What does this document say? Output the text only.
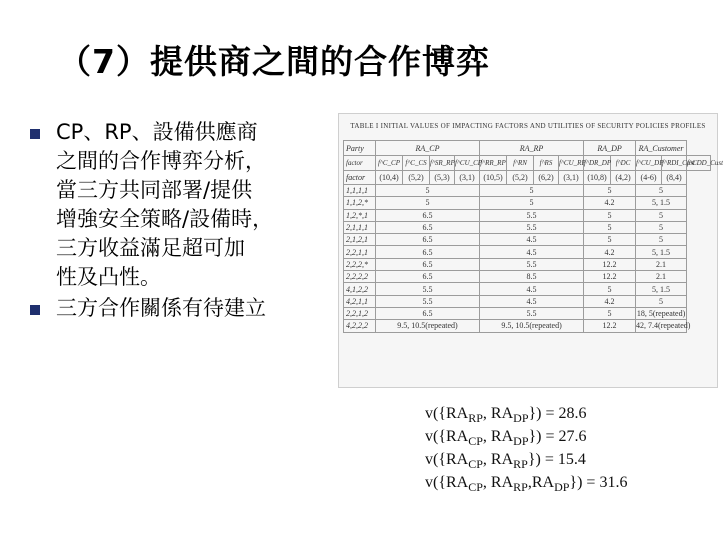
（7）提供商之間的合作博弈
CP、RP、設備供應商
之間的合作博弈分析，
當三方共同部署/提供
增強安全策略/設備時，
三方收益滿足超可加
性及凸性。
三方合作關係有待建立
TABLE I INITIAL VALUES OF IMPACTING FACTORS AND UTILITIES OF SECURITY POLICIES PROFILES
Party	RA_CP				RA_RP				RA_DP		RA_Customer		
factor	f^C_CP	f^C_CS	f^SR_RP	f^CU_CP	f^RR_RP	f^RN	f^RS	f^CU_RP	f^DR_DP	f^DC	f^CU_DP	f^RDI_Cust	f^CDD_Cust
factor	(10,4)	(5,2)	(5,3)	(3,1)	(10,5)	(5,2)	(6,2)	(3,1)	(10,8)	(4,2)	(4-6)	(8,4)	
1,1,1,1	5				5				5		5		
1,1,2,*	5				5				4.2		5, 1.5		
1,2,*,1	6.5				5.5				5		5		
2,1,1,1	6.5				5.5				5		5		
2,1,2,1	6.5				4.5				5		5		
2,2,1,1	6.5				4.5				4.2		5, 1.5		
2,2,2,*	6.5				5.5				12.2		2.1		
2,2,2,2	6.5				8.5				12.2		2.1		
4,1,2,2	5.5				4.5				5		5, 1.5		
4,2,1,1	5.5				4.5				4.2		5		
2,2,1,2	6.5				5.5				5		18, 5(repeated)		
4,2,2,2	9.5, 10.5(repeated)				9.5, 10.5(repeated)				12.2		42, 7.4(repeated)		
$v(\{RA_{RP}$, $RA_{DP}\}) = 28.6$
$v(\{RA_{CP}$, $RA_{DP}\}) = 27.6$
$v(\{RA_{CP}$, $RA_{RP}\}) = 15.4$
$v(\{RA_{CP}$, $RA_{RP},RA_{DP}\}) = 31.6$
